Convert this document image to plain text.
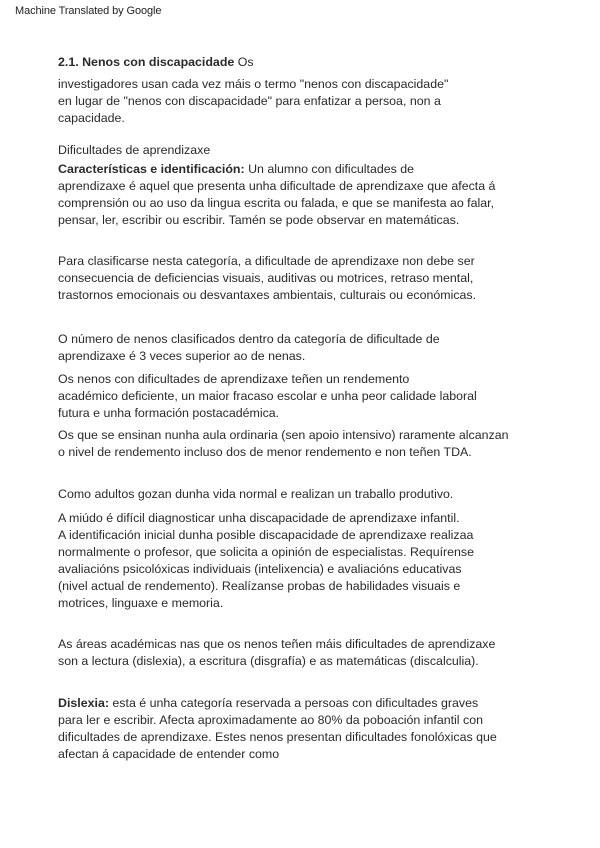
Machine Translated by Google

2.1. Nenos con discapacidade Os

investigadores usan cada vez máis o termo "nenos con discapacidade"
en lugar de "nenos con discapacidade" para enfatizar a persoa, non a
capacidade.

Dificultades de aprendizaxe

Características e identificación: Un alumno con dificultades de
aprendizaxe é aquel que presenta unha dificultade de aprendizaxe que afecta á
comprensión ou ao uso da lingua escrita ou falada, e que se manifesta ao falar,
pensar, ler, escribir ou escribir. Tamén se pode observar en matemáticas.

Para clasificarse nesta categoría, a dificultade de aprendizaxe non debe ser
consecuencia de deficiencias visuais, auditivas ou motrices, retraso mental,
trastornos emocionais ou desvantaxes ambientais, culturais ou económicas.

O número de nenos clasificados dentro da categoría de dificultade de
aprendizaxe é 3 veces superior ao de nenas.

Os nenos con dificultades de aprendizaxe teñen un rendemento
académico deficiente, un maior fracaso escolar e unha peor calidade laboral
futura e unha formación postacadémica.

Os que se ensinan nunha aula ordinaria (sen apoio intensivo) raramente alcanzan
o nivel de rendemento incluso dos de menor rendemento e non teñen TDA.

Como adultos gozan dunha vida normal e realizan un traballo produtivo.

A miúdo é difícil diagnosticar unha discapacidade de aprendizaxe infantil.
A identificación inicial dunha posible discapacidade de aprendizaxe realizaa
normalmente o profesor, que solicita a opinión de especialistas. Requírense
avaliacións psicolóxicas individuais (intelixencia) e avaliacións educativas
(nivel actual de rendemento). Realízanse probas de habilidades visuais e
motrices, linguaxe e memoria.

As áreas académicas nas que os nenos teñen máis dificultades de aprendizaxe
son a lectura (dislexia), a escritura (disgrafía) e as matemáticas (discalculia).

Dislexia: esta é unha categoría reservada a persoas con dificultades graves
para ler e escribir. Afecta aproximadamente ao 80% da poboación infantil con
dificultades de aprendizaxe. Estes nenos presentan dificultades fonolóxicas que
afectan á capacidade de entender como
